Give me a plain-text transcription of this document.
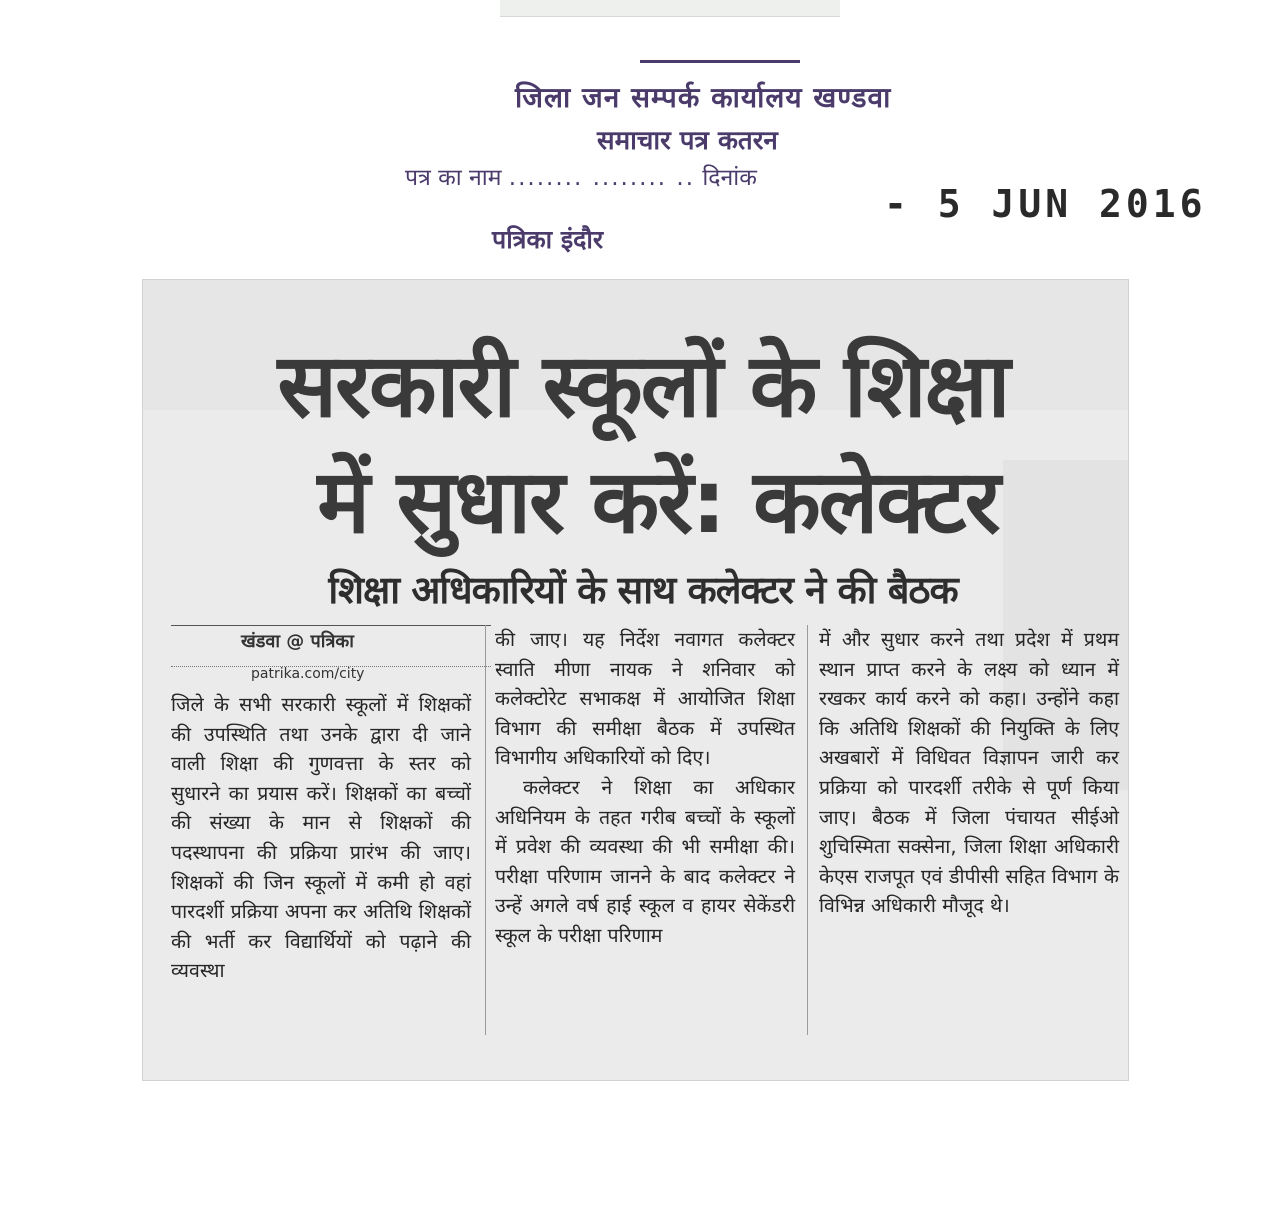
जिला जन सम्पर्क कार्यालय खण्डवा
समाचार पत्र कतरन
पत्र का नाम ........ ........ .. दिनांक
- 5 JUN 2016
पत्रिका इंदौर
सरकारी स्कूलों के शिक्षा
में सुधार करें: कलेक्टर
शिक्षा अधिकारियों के साथ कलेक्टर ने की बैठक
खंडवा @ पत्रिका
patrika.com/city
जिले के सभी सरकारी स्कूलों में शिक्षकों की उपस्थिति तथा उनके द्वारा दी जाने वाली शिक्षा की गुणवत्ता के स्तर को सुधारने का प्रयास करें। शिक्षकों का बच्चों की संख्या के मान से शिक्षकों की पदस्थापना की प्रक्रिया प्रारंभ की जाए। शिक्षकों की जिन स्कूलों में कमी हो वहां पारदर्शी प्रक्रिया अपना कर अतिथि शिक्षकों की भर्ती कर विद्यार्थियों को पढ़ाने की व्यवस्था
की जाए। यह निर्देश नवागत कलेक्टर स्वाति मीणा नायक ने शनिवार को कलेक्टोरेट सभाकक्ष में आयोजित शिक्षा विभाग की समीक्षा बैठक में उपस्थित विभागीय अधिकारियों को दिए।
कलेक्टर ने शिक्षा का अधिकार अधिनियम के तहत गरीब बच्चों के स्कूलों में प्रवेश की व्यवस्था की भी समीक्षा की। परीक्षा परिणाम जानने के बाद कलेक्टर ने उन्हें अगले वर्ष हाई स्कूल व हायर सेकेंडरी स्कूल के परीक्षा परिणाम
में और सुधार करने तथा प्रदेश में प्रथम स्थान प्राप्त करने के लक्ष्य को ध्यान में रखकर कार्य करने को कहा। उन्होंने कहा कि अतिथि शिक्षकों की नियुक्ति के लिए अखबारों में विधिवत विज्ञापन जारी कर प्रक्रिया को पारदर्शी तरीके से पूर्ण किया जाए। बैठक में जिला पंचायत सीईओ शुचिस्मिता सक्सेना, जिला शिक्षा अधिकारी केएस राजपूत एवं डीपीसी सहित विभाग के विभिन्न अधिकारी मौजूद थे।
